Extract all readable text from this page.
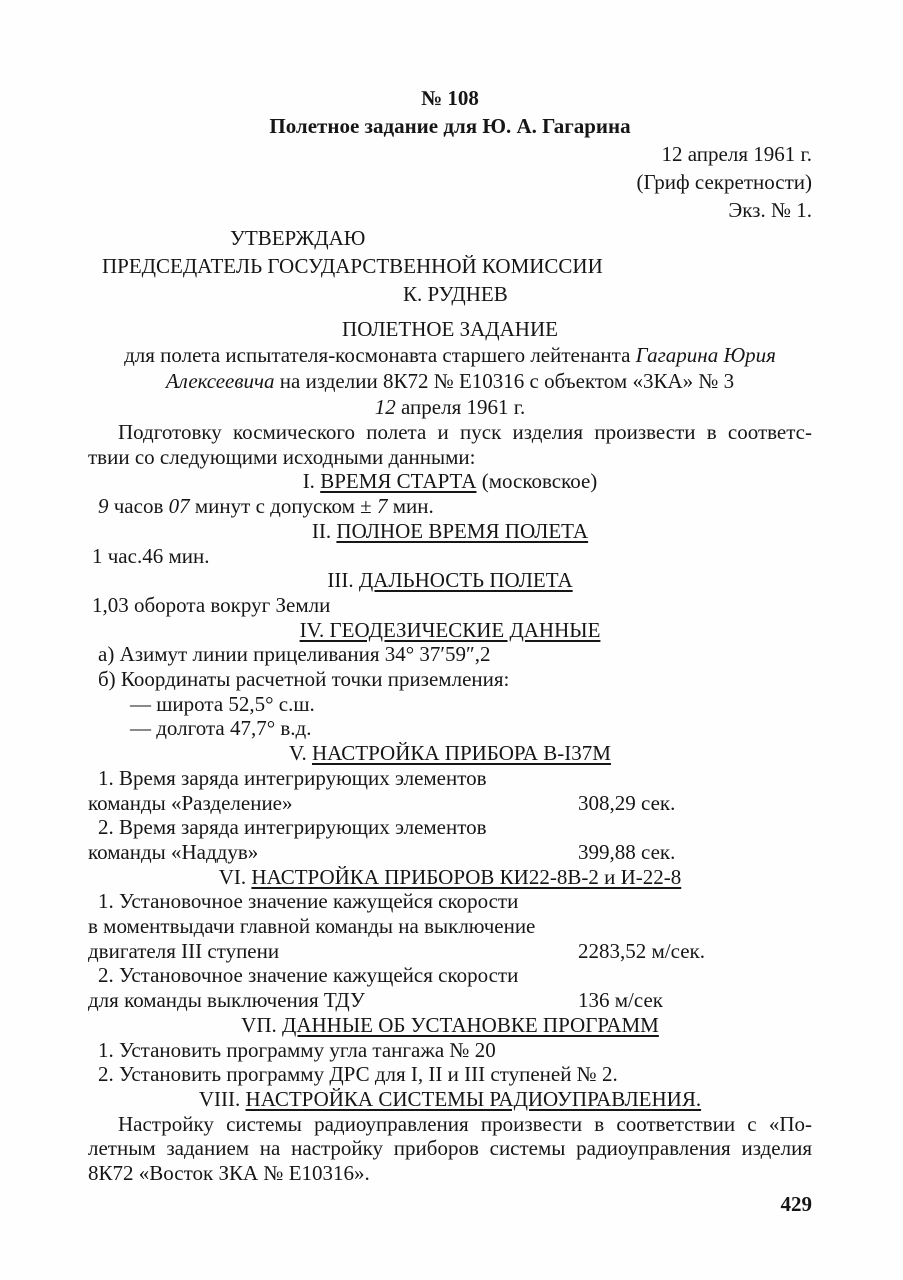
№ 108
Полетное задание для Ю. А. Гагарина
12 апреля 1961 г.
(Гриф секретности)
Экз. № 1.
УТВЕРЖДАЮ
ПРЕДСЕДАТЕЛЬ ГОСУДАРСТВЕННОЙ КОМИССИИ
К. РУДНЕВ
ПОЛЕТНОЕ ЗАДАНИЕ
для полета испытателя-космонавта старшего лейтенанта Гагарина Юрия
Алексеевича на изделии 8К72 № Е10316 с объектом «3КА» № 3
12 апреля 1961 г.
Подготовку космического полета и пуск изделия произвести в соответс-
твии со следующими исходными данными:
I. ВРЕМЯ СТАРТА (московское)
9 часов 07 минут с допуском ± 7 мин.
II. ПОЛНОЕ ВРЕМЯ ПОЛЕТА
1 час.46 мин.
III. ДАЛЬНОСТЬ ПОЛЕТА
1,03 оборота вокруг Земли
IV. ГЕОДЕЗИЧЕСКИЕ ДАННЫЕ
а) Азимут линии прицеливания 34° 37′59″,2
б) Координаты расчетной точки приземления:
— широта 52,5° с.ш.
— долгота 47,7° в.д.
V. НАСТРОЙКА ПРИБОРА В-I37М
1. Время заряда интегрирующих элементов
команды «Разделение»	308,29 сек.
2. Время заряда интегрирующих элементов
команды «Наддув»	399,88 сек.
VI. НАСТРОЙКА ПРИБОРОВ КИ22-8В-2 и И-22-8
1. Установочное значение кажущейся скорости
в моментвыдачи главной команды на выключение
двигателя III ступени	2283,52 м/сек.
2. Установочное значение кажущейся скорости
для команды выключения ТДУ	136 м/сек
VП. ДАННЫЕ ОБ УСТАНОВКЕ ПРОГРАММ
1. Установить программу угла тангажа № 20
2. Установить программу ДРС для I, II и III ступеней № 2.
VIII. НАСТРОЙКА СИСТЕМЫ РАДИОУПРАВЛЕНИЯ.
Настройку системы радиоуправления произвести в соответствии с «По-
летным заданием на настройку приборов системы радиоуправления изделия
8К72 «Восток ЗКА № Е10316».
429
